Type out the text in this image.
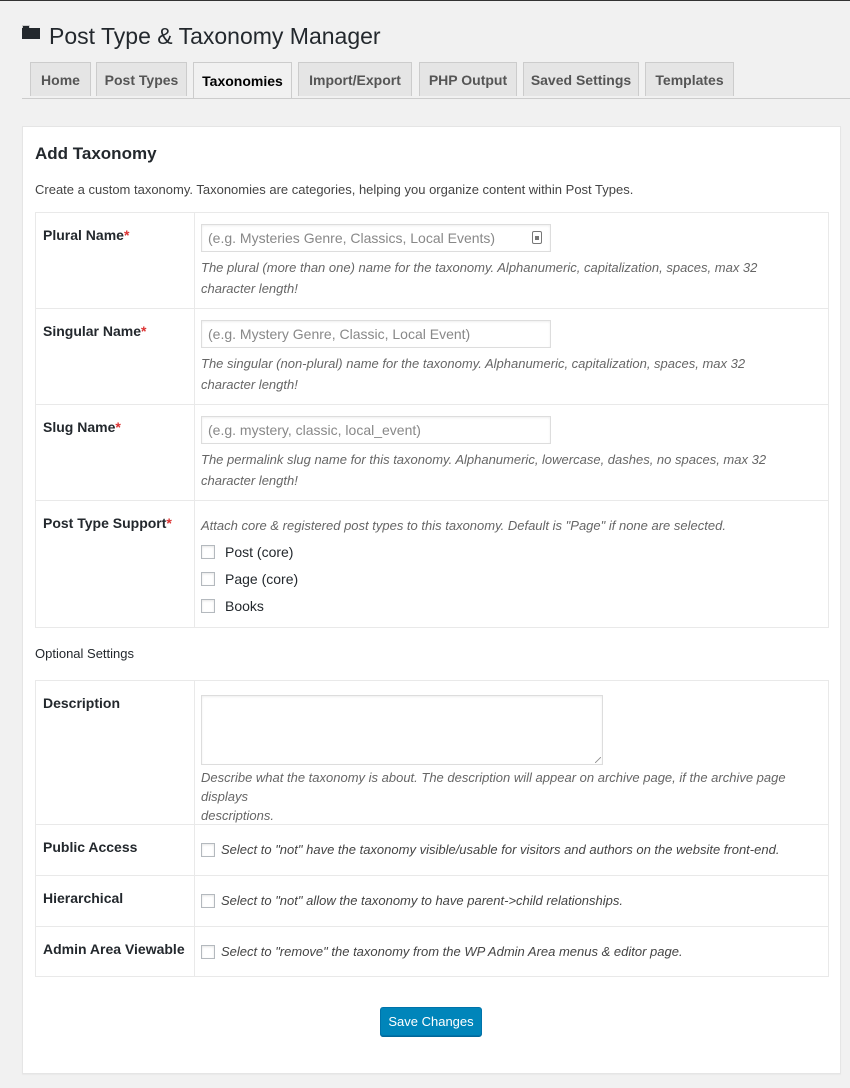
Post Type & Taxonomy Manager
Home	Post Types	Taxonomies	Import/Export	PHP Output	Saved Settings	Templates
Add Taxonomy
Create a custom taxonomy. Taxonomies are categories, helping you organize content within Post Types.
Plural Name*	(e.g. Mysteries Genre, Classics, Local Events)
The plural (more than one) name for the taxonomy. Alphanumeric, capitalization, spaces, max 32
character length!
Singular Name*	(e.g. Mystery Genre, Classic, Local Event)
The singular (non-plural) name for the taxonomy. Alphanumeric, capitalization, spaces, max 32
character length!
Slug Name*	(e.g. mystery, classic, local_event)
The permalink slug name for this taxonomy. Alphanumeric, lowercase, dashes, no spaces, max 32
character length!
Post Type Support* Attach core & registered post types to this taxonomy. Default is "Page" if none are selected.
Post (core)
Page (core)
Books
Optional Settings
Description
Describe what the taxonomy is about. The description will appear on archive page, if the archive page displays
descriptions.
Public Access	Select to "not" have the taxonomy visible/usable for visitors and authors on the website front-end.
Hierarchical	Select to "not" allow the taxonomy to have parent->child relationships.
Admin Area Viewable	Select to "remove" the taxonomy from the WP Admin Area menus & editor page.
Save Changes
